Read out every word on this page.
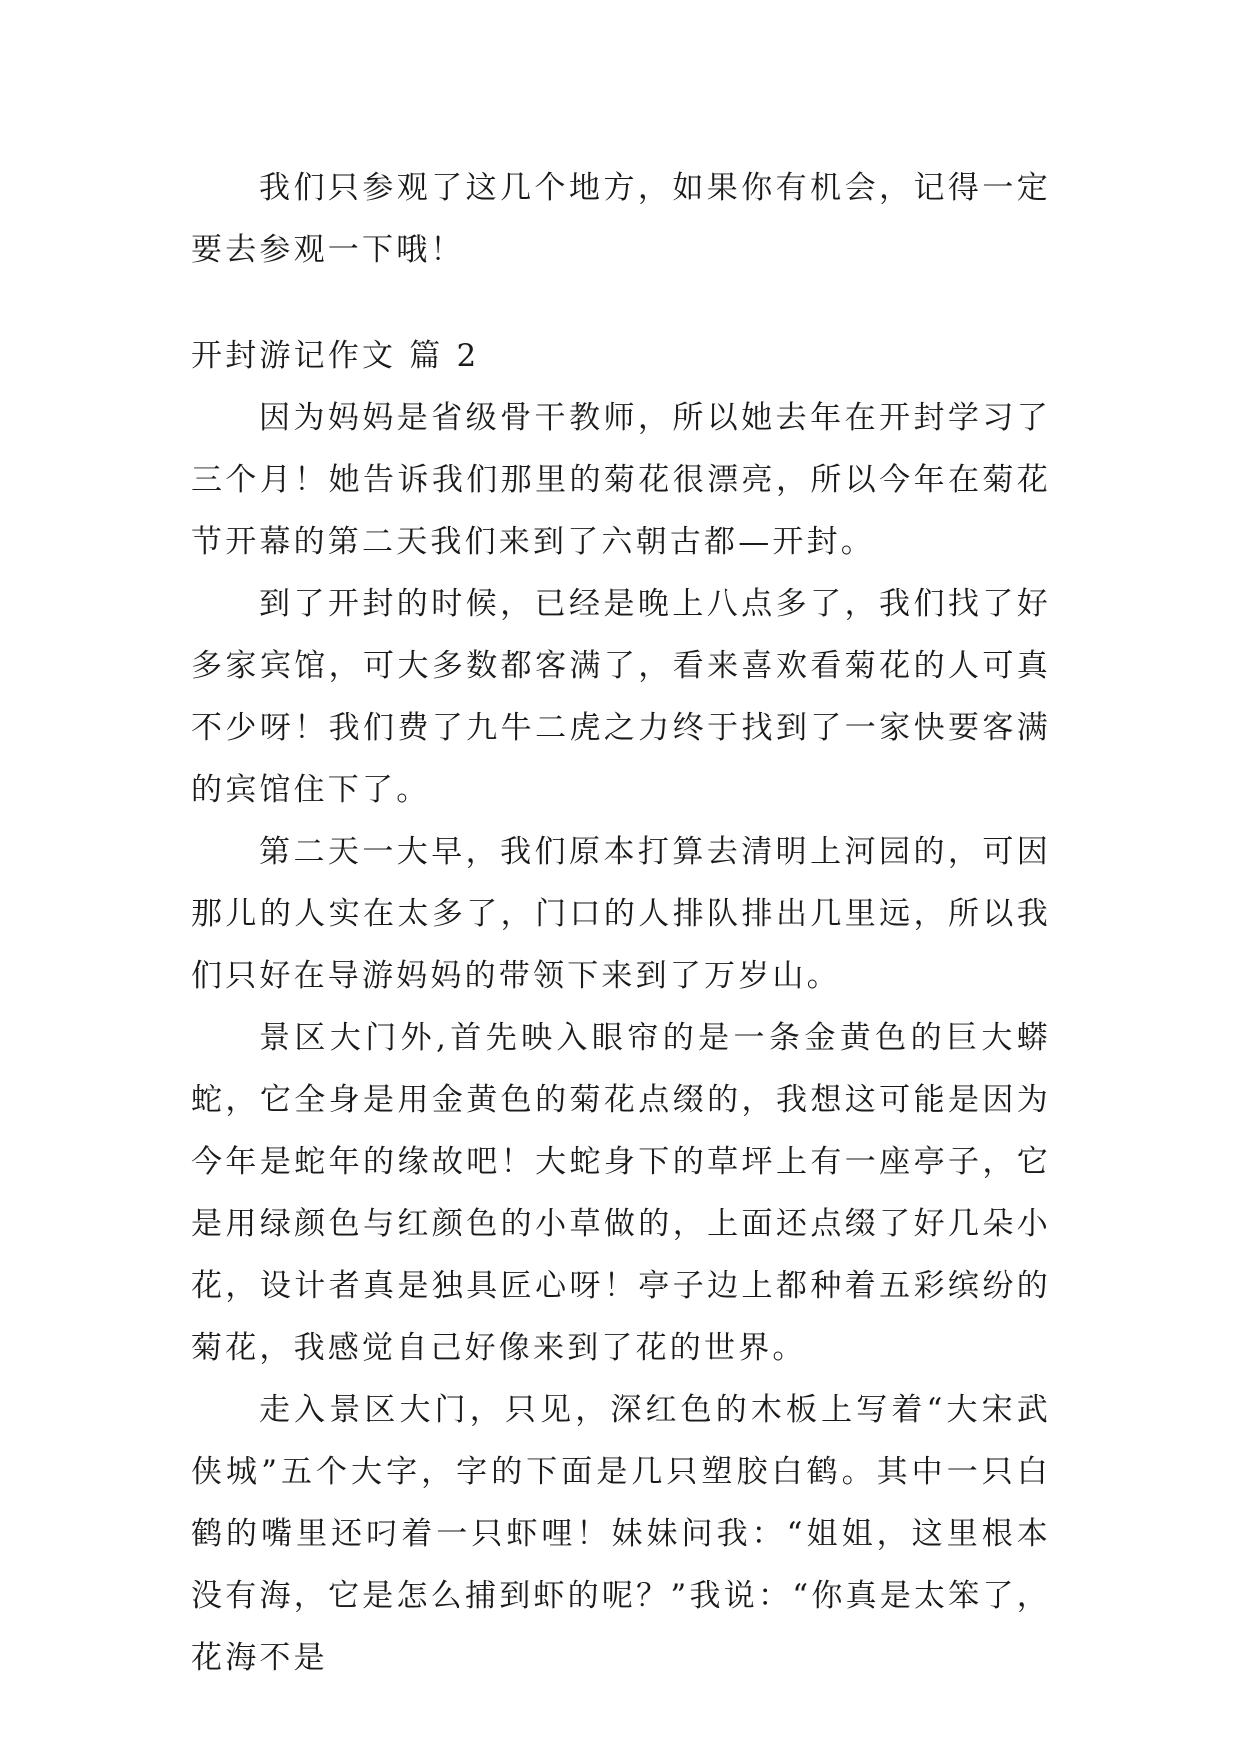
我们只参观了这几个地方，如果你有机会，记得一定要去参观一下哦！

开封游记作文 篇 2

因为妈妈是省级骨干教师，所以她去年在开封学习了三个月！她告诉我们那里的菊花很漂亮，所以今年在菊花节开幕的第二天我们来到了六朝古都—开封。

到了开封的时候，已经是晚上八点多了，我们找了好多家宾馆，可大多数都客满了，看来喜欢看菊花的人可真不少呀！我们费了九牛二虎之力终于找到了一家快要客满的宾馆住下了。

第二天一大早，我们原本打算去清明上河园的，可因那儿的人实在太多了，门口的人排队排出几里远，所以我们只好在导游妈妈的带领下来到了万岁山。

景区大门外,首先映入眼帘的是一条金黄色的巨大蟒蛇，它全身是用金黄色的菊花点缀的，我想这可能是因为今年是蛇年的缘故吧！大蛇身下的草坪上有一座亭子，它是用绿颜色与红颜色的小草做的，上面还点缀了好几朵小花，设计者真是独具匠心呀！亭子边上都种着五彩缤纷的菊花，我感觉自己好像来到了花的世界。

走入景区大门，只见，深红色的木板上写着“大宋武侠城”五个大字，字的下面是几只塑胶白鹤。其中一只白鹤的嘴里还叼着一只虾哩！妹妹问我：“姐姐，这里根本没有海，它是怎么捕到虾的呢？”我说：“你真是太笨了，花海不是
